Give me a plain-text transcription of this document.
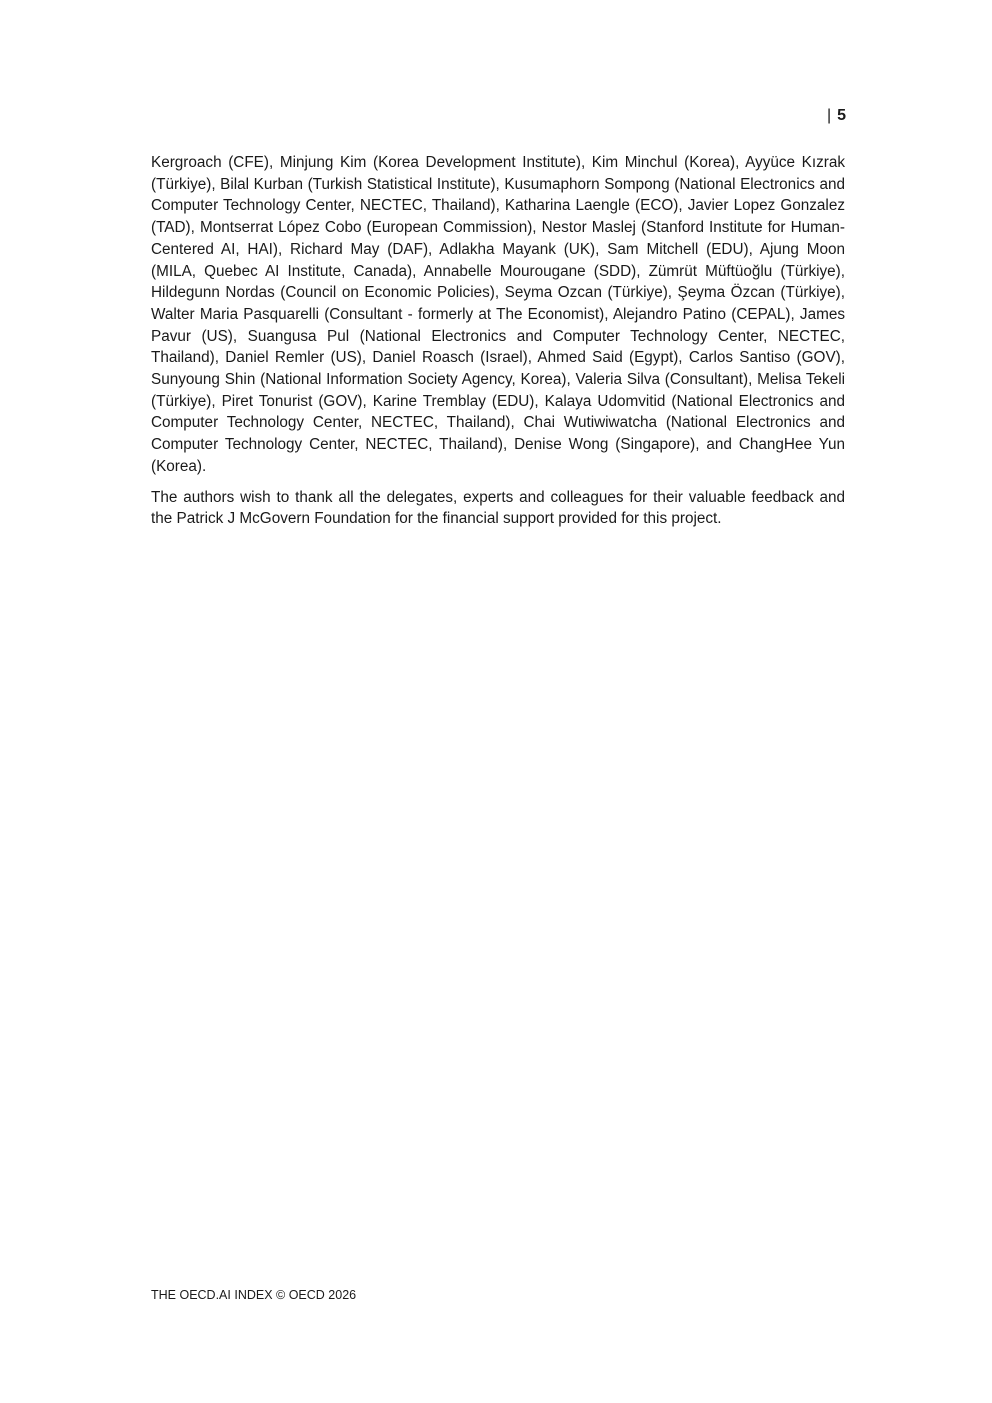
| 5

Kergroach (CFE), Minjung Kim (Korea Development Institute), Kim Minchul (Korea), Ayyüce Kızrak (Türkiye), Bilal Kurban (Turkish Statistical Institute), Kusumaphorn Sompong (National Electronics and Computer Technology Center, NECTEC, Thailand), Katharina Laengle (ECO), Javier Lopez Gonzalez (TAD), Montserrat López Cobo (European Commission), Nestor Maslej (Stanford Institute for Human-Centered AI, HAI), Richard May (DAF), Adlakha Mayank (UK), Sam Mitchell (EDU), Ajung Moon (MILA, Quebec AI Institute, Canada), Annabelle Mourougane (SDD), Zümrüt Müftüoğlu (Türkiye), Hildegunn Nordas (Council on Economic Policies), Seyma Ozcan (Türkiye), Şeyma Özcan (Türkiye), Walter Maria Pasquarelli (Consultant - formerly at The Economist), Alejandro Patino (CEPAL), James Pavur (US), Suangusa Pul (National Electronics and Computer Technology Center, NECTEC, Thailand), Daniel Remler (US), Daniel Roasch (Israel), Ahmed Said (Egypt), Carlos Santiso (GOV), Sunyoung Shin (National Information Society Agency, Korea), Valeria Silva (Consultant), Melisa Tekeli (Türkiye), Piret Tonurist (GOV), Karine Tremblay (EDU), Kalaya Udomvitid (National Electronics and Computer Technology Center, NECTEC, Thailand), Chai Wutiwiwatcha (National Electronics and Computer Technology Center, NECTEC, Thailand), Denise Wong (Singapore), and ChangHee Yun (Korea).

The authors wish to thank all the delegates, experts and colleagues for their valuable feedback and the Patrick J McGovern Foundation for the financial support provided for this project.

THE OECD.AI INDEX © OECD 2026
